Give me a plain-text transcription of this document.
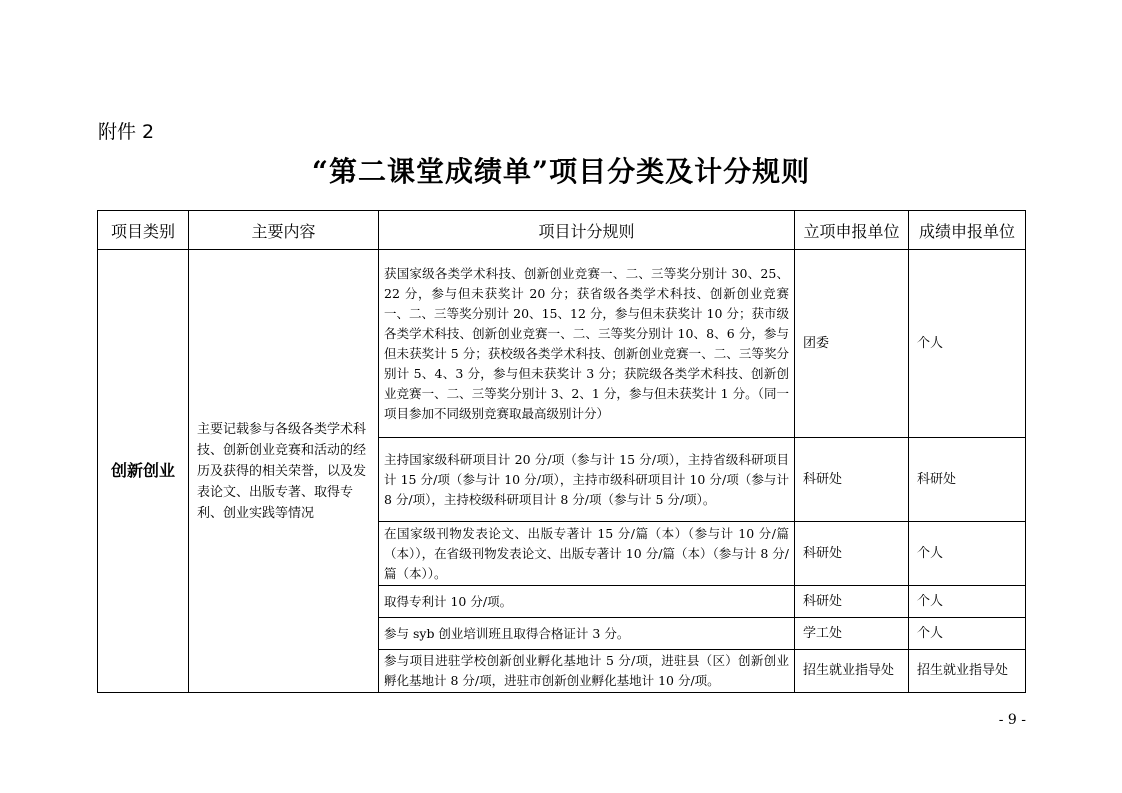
附件 2
“第二课堂成绩单”项目分类及计分规则
项目类别	主要内容	项目计分规则	立项申报单位	成绩申报单位
创新创业	主要记载参与各级各类学术科技、创新创业竞赛和活动的经历及获得的相关荣誉，以及发表论文、出版专著、取得专利、创业实践等情况	获国家级各类学术科技、创新创业竞赛一、二、三等奖分别计 30、25、22 分，参与但未获奖计 20 分；获省级各类学术科技、创新创业竞赛一、二、三等奖分别计 20、15、12 分，参与但未获奖计 10 分；获市级各类学术科技、创新创业竞赛一、二、三等奖分别计 10、8、6 分，参与但未获奖计 5 分；获校级各类学术科技、创新创业竞赛一、二、三等奖分别计 5、4、3 分，参与但未获奖计 3 分；获院级各类学术科技、创新创业竞赛一、二、三等奖分别计 3、2、1 分，参与但未获奖计 1 分。（同一项目参加不同级别竞赛取最高级别计分）	团委	个人
		主持国家级科研项目计 20 分/项（参与计 15 分/项），主持省级科研项目计 15 分/项（参与计 10 分/项），主持市级科研项目计 10 分/项（参与计 8 分/项），主持校级科研项目计 8 分/项（参与计 5 分/项）。	科研处	科研处
		在国家级刊物发表论文、出版专著计 15 分/篇（本）（参与计 10 分/篇（本）），在省级刊物发表论文、出版专著计 10 分/篇（本）（参与计 8 分/篇（本））。	科研处	个人
		取得专利计 10 分/项。	科研处	个人
		参与 syb 创业培训班且取得合格证计 3 分。	学工处	个人
		参与项目进驻学校创新创业孵化基地计 5 分/项，进驻县（区）创新创业孵化基地计 8 分/项，进驻市创新创业孵化基地计 10 分/项。	招生就业指导处	招生就业指导处
- 9 -
